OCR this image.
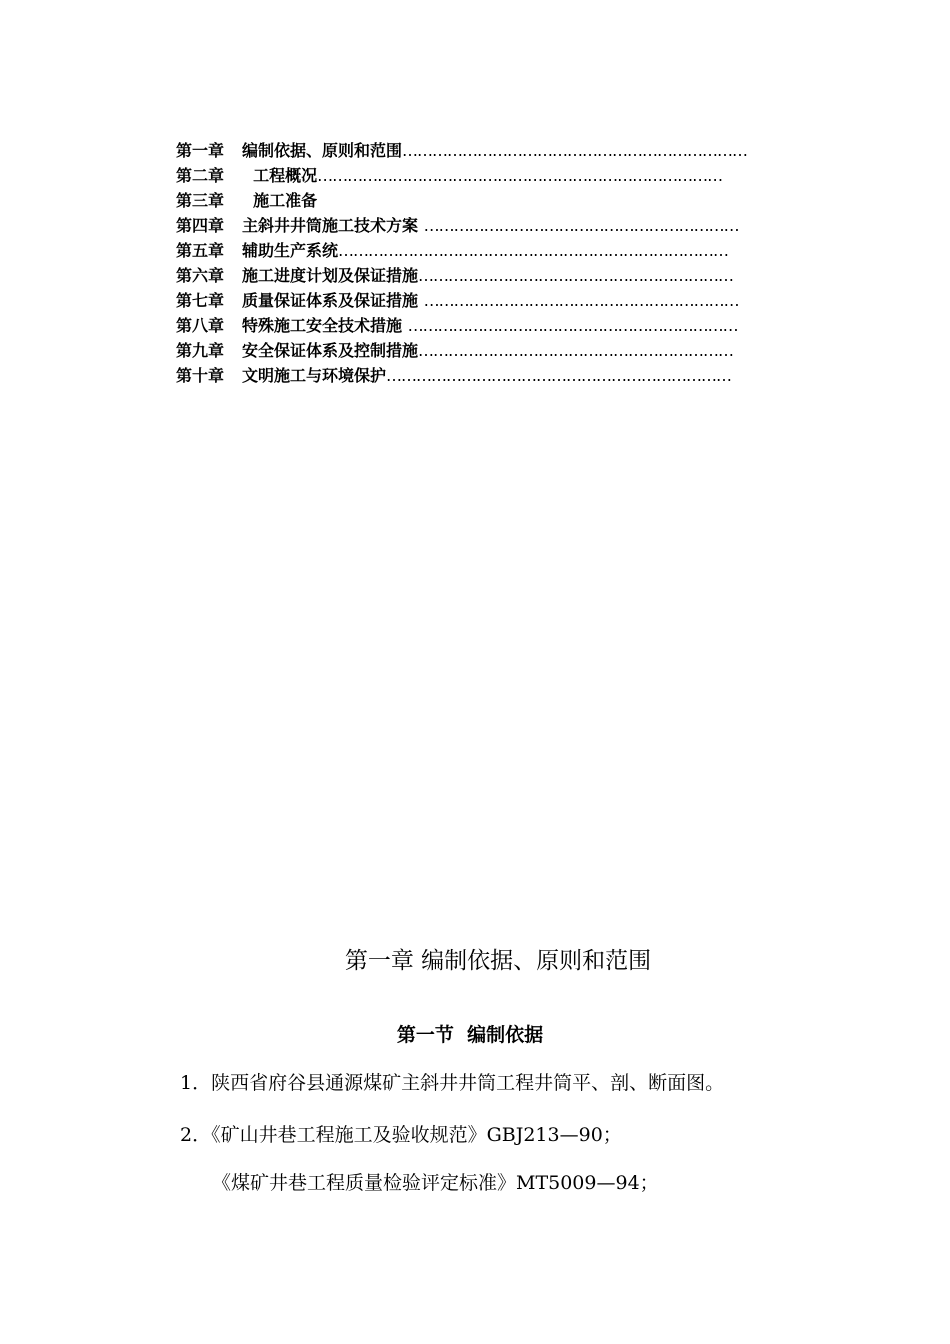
第一章 编制依据、原则和范围……………………………………………………………
第二章  工程概况………………………………………………………………………
第三章  施工准备
第四章 主斜井井筒施工技术方案 ………………………………………………………
第五章 辅助生产系统……………………………………………………………………
第六章 施工进度计划及保证措施………………………………………………………
第七章 质量保证体系及保证措施 ………………………………………………………
第八章 特殊施工安全技术措施 …………………………………………………………
第九章 安全保证体系及控制措施………………………………………………………
第十章 文明施工与环境保护……………………………………………………………
第一章 编制依据、原则和范围
第一节  编制依据
1．陕西省府谷县通源煤矿主斜井井筒工程井筒平、剖、断面图。
2．《矿山井巷工程施工及验收规范》GBJ213—90；
《煤矿井巷工程质量检验评定标准》MT5009—94；
